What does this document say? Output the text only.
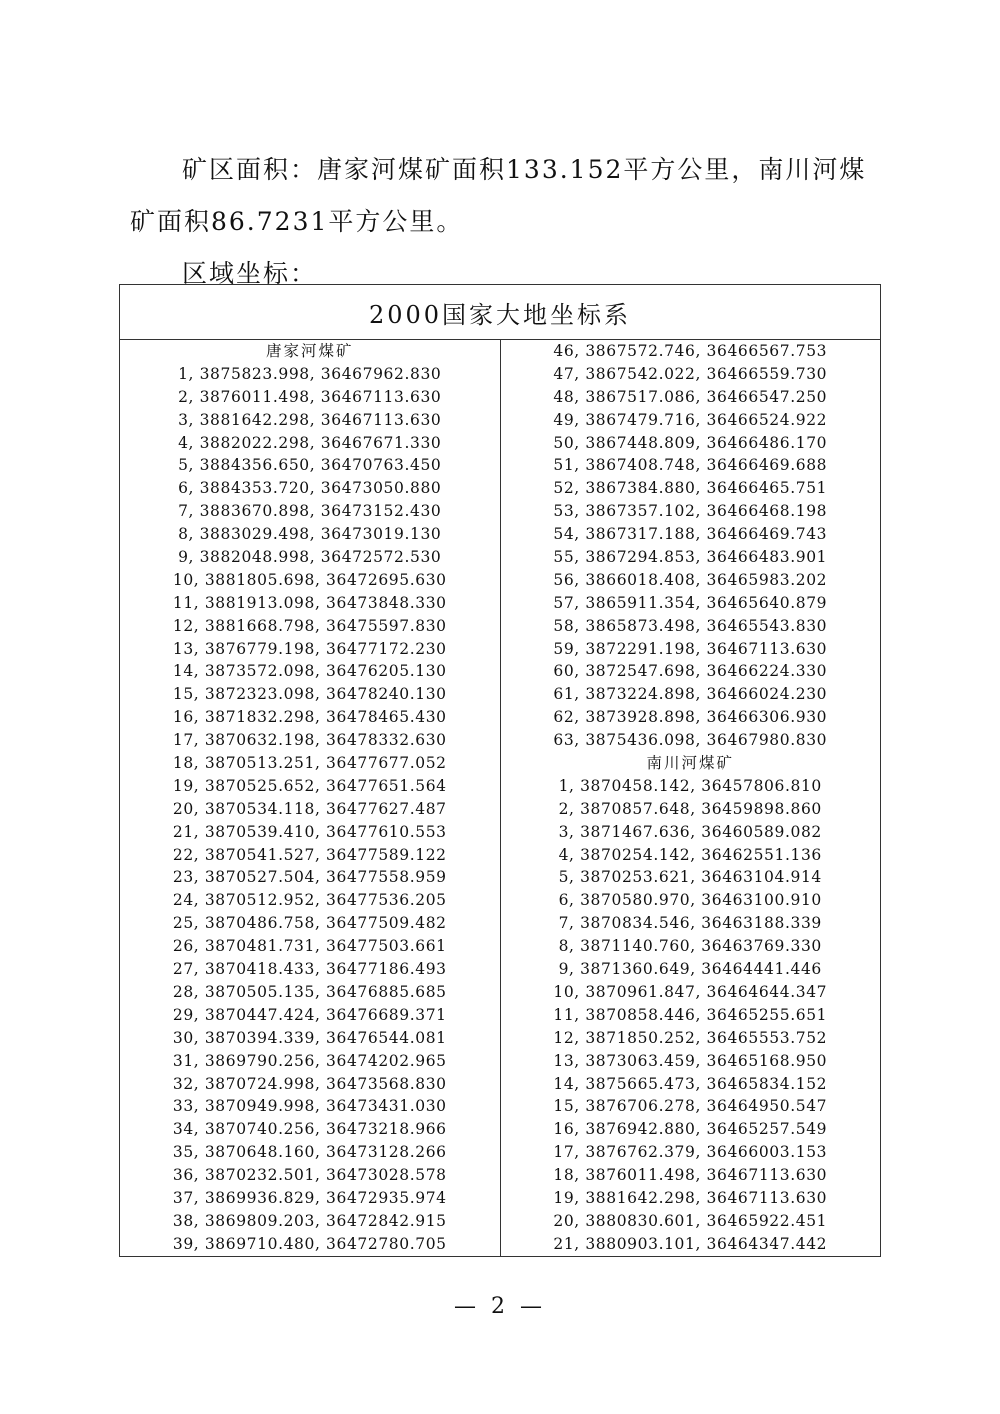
矿区面积：唐家河煤矿面积133.152平方公里，南川河煤矿面积86.7231平方公里。

区域坐标：

2000国家大地坐标系

唐家河煤矿
1, 3875823.998, 36467962.830
2, 3876011.498, 36467113.630
3, 3881642.298, 36467113.630
4, 3882022.298, 36467671.330
5, 3884356.650, 36470763.450
6, 3884353.720, 36473050.880
7, 3883670.898, 36473152.430
8, 3883029.498, 36473019.130
9, 3882048.998, 36472572.530
10, 3881805.698, 36472695.630
11, 3881913.098, 36473848.330
12, 3881668.798, 36475597.830
13, 3876779.198, 36477172.230
14, 3873572.098, 36476205.130
15, 3872323.098, 36478240.130
16, 3871832.298, 36478465.430
17, 3870632.198, 36478332.630
18, 3870513.251, 36477677.052
19, 3870525.652, 36477651.564
20, 3870534.118, 36477627.487
21, 3870539.410, 36477610.553
22, 3870541.527, 36477589.122
23, 3870527.504, 36477558.959
24, 3870512.952, 36477536.205
25, 3870486.758, 36477509.482
26, 3870481.731, 36477503.661
27, 3870418.433, 36477186.493
28, 3870505.135, 36476885.685
29, 3870447.424, 36476689.371
30, 3870394.339, 36476544.081
31, 3869790.256, 36474202.965
32, 3870724.998, 36473568.830
33, 3870949.998, 36473431.030
34, 3870740.256, 36473218.966
35, 3870648.160, 36473128.266
36, 3870232.501, 36473028.578
37, 3869936.829, 36472935.974
38, 3869809.203, 36472842.915
39, 3869710.480, 36472780.705

46, 3867572.746, 36466567.753
47, 3867542.022, 36466559.730
48, 3867517.086, 36466547.250
49, 3867479.716, 36466524.922
50, 3867448.809, 36466486.170
51, 3867408.748, 36466469.688
52, 3867384.880, 36466465.751
53, 3867357.102, 36466468.198
54, 3867317.188, 36466469.743
55, 3867294.853, 36466483.901
56, 3866018.408, 36465983.202
57, 3865911.354, 36465640.879
58, 3865873.498, 36465543.830
59, 3872291.198, 36467113.630
60, 3872547.698, 36466224.330
61, 3873224.898, 36466024.230
62, 3873928.898, 36466306.930
63, 3875436.098, 36467980.830
南川河煤矿
1, 3870458.142, 36457806.810
2, 3870857.648, 36459898.860
3, 3871467.636, 36460589.082
4, 3870254.142, 36462551.136
5, 3870253.621, 36463104.914
6, 3870580.970, 36463100.910
7, 3870834.546, 36463188.339
8, 3871140.760, 36463769.330
9, 3871360.649, 36464441.446
10, 3870961.847, 36464644.347
11, 3870858.446, 36465255.651
12, 3871850.252, 36465553.752
13, 3873063.459, 36465168.950
14, 3875665.473, 36465834.152
15, 3876706.278, 36464950.547
16, 3876942.880, 36465257.549
17, 3876762.379, 36466003.153
18, 3876011.498, 36467113.630
19, 3881642.298, 36467113.630
20, 3880830.601, 36465922.451
21, 3880903.101, 36464347.442
— 2 —
